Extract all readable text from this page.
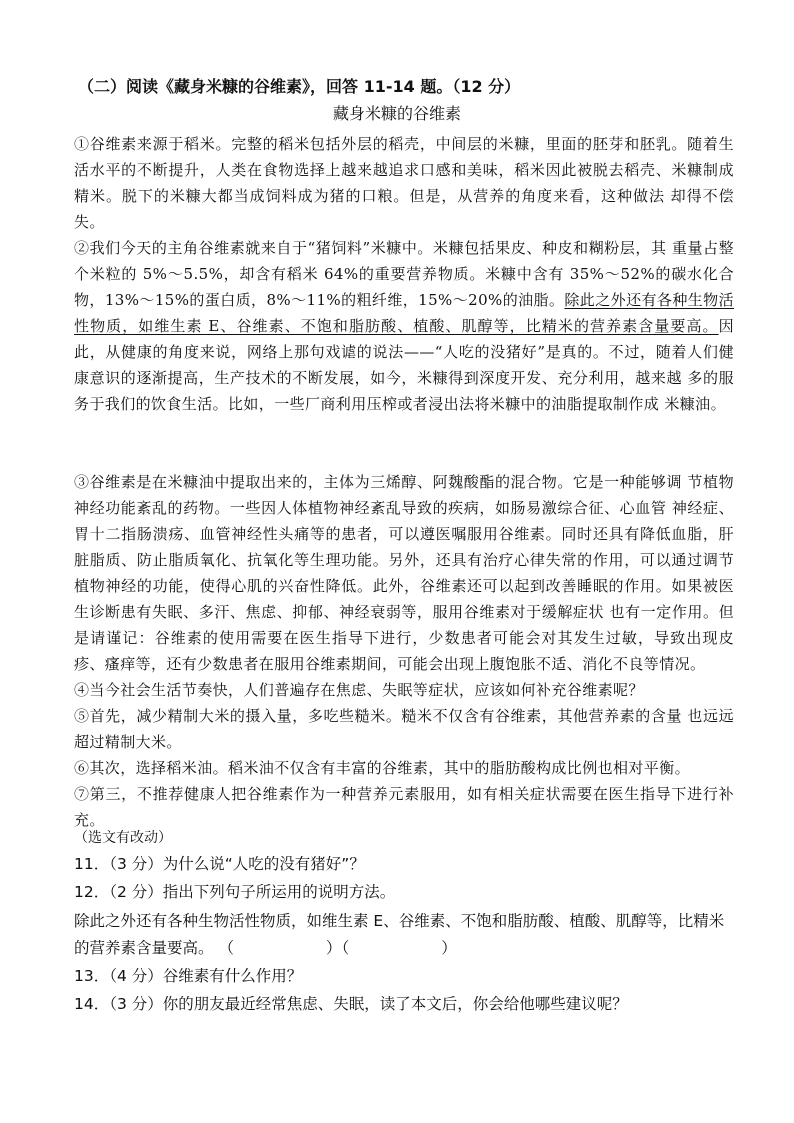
（二）阅读《藏身米糠的谷维素》，回答 11-14 题。（12 分）
藏身米糠的谷维素
①谷维素来源于稻米。完整的稻米包括外层的稻壳，中间层的米糠，里面的胚芽和胚乳。随着生活水平的不断提升，人类在食物选择上越来越追求口感和美味，稻米因此被脱去稻壳、米糠制成精米。脱下的米糠大都当成饲料成为猪的口粮。但是，从营养的角度来看，这种做法 却得不偿失。
②我们今天的主角谷维素就来自于“猪饲料”米糠中。米糠包括果皮、种皮和糊粉层，其 重量占整个米粒的 5%～5.5%，却含有稻米 64%的重要营养物质。米糠中含有 35%～52%的碳水化合物，13%～15%的蛋白质，8%～11%的粗纤维，15%～20%的油脂。除此之外还有各种生物活性物质，如维生素 E、谷维素、不饱和脂肪酸、植酸、肌醇等，比精米的营养素含量要高。因此，从健康的角度来说，网络上那句戏谑的说法——“人吃的没猪好”是真的。不过，随着人们健康意识的逐渐提高，生产技术的不断发展，如今，米糠得到深度开发、充分利用，越来越 多的服务于我们的饮食生活。比如，一些厂商利用压榨或者浸出法将米糠中的油脂提取制作成 米糠油。
③谷维素是在米糠油中提取出来的，主体为三烯醇、阿魏酸酯的混合物。它是一种能够调 节植物神经功能紊乱的药物。一些因人体植物神经紊乱导致的疾病，如肠易激综合征、心血管 神经症、胃十二指肠溃疡、血管神经性头痛等的患者，可以遵医嘱服用谷维素。同时还具有降低血脂，肝脏脂质、防止脂质氧化、抗氧化等生理功能。另外，还具有治疗心律失常的作用，可以通过调节植物神经的功能，使得心肌的兴奋性降低。此外，谷维素还可以起到改善睡眠的作用。如果被医生诊断患有失眠、多汗、焦虑、抑郁、神经衰弱等，服用谷维素对于缓解症状 也有一定作用。但是请谨记：谷维素的使用需要在医生指导下进行，少数患者可能会对其发生过敏，导致出现皮疹、瘙痒等，还有少数患者在服用谷维素期间，可能会出现上腹饱胀不适、消化不良等情况。
④当今社会生活节奏快，人们普遍存在焦虑、失眠等症状，应该如何补充谷维素呢？
⑤首先，减少精制大米的摄入量，多吃些糙米。糙米不仅含有谷维素，其他营养素的含量 也远远超过精制大米。
⑥其次，选择稻米油。稻米油不仅含有丰富的谷维素，其中的脂肪酸构成比例也相对平衡。
⑦第三，不推荐健康人把谷维素作为一种营养元素服用，如有相关症状需要在医生指导下进行补充。
（选文有改动）
11．（3 分）为什么说“人吃的没有猪好”？
12．（2 分）指出下列句子所运用的说明方法。
除此之外还有各种生物活性物质，如维生素 E、谷维素、不饱和脂肪酸、植酸、肌醇等，比精米的营养素含量要高。 （	）（	）
13．（4 分）谷维素有什么作用？
14．（3 分）你的朋友最近经常焦虑、失眠，读了本文后，你会给他哪些建议呢？
